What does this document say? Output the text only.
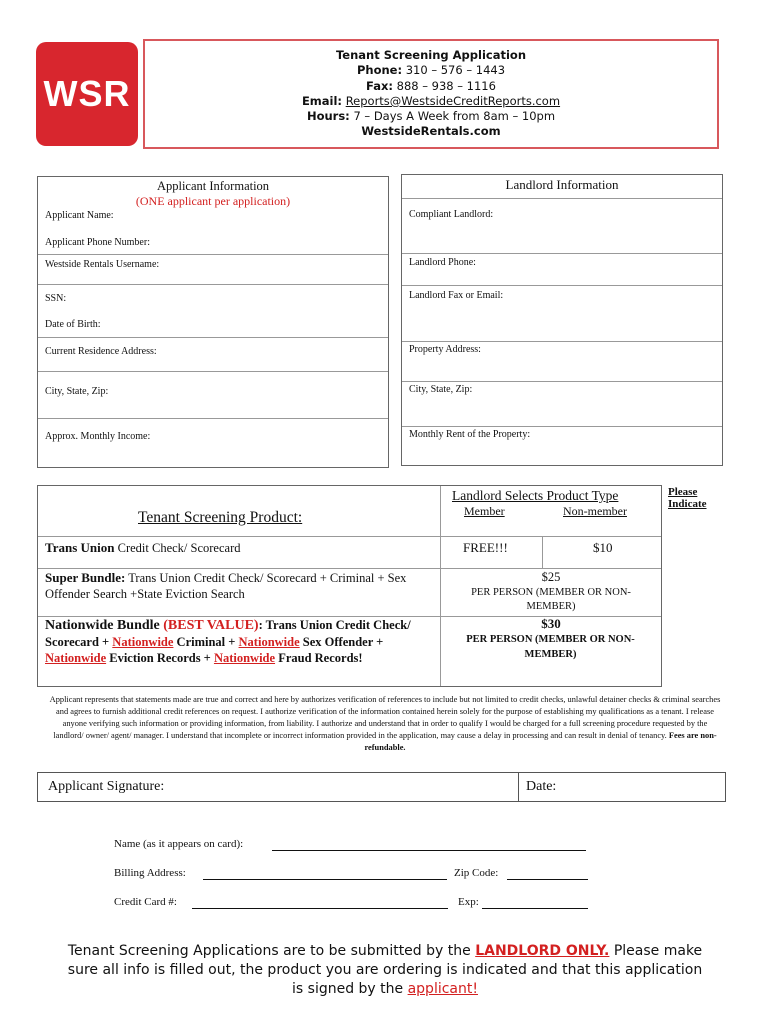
WSR
Tenant Screening Application
Phone: 310 – 576 – 1443
Fax: 888 – 938 – 1116
Email: Reports@WestsideCreditReports.com
Hours: 7 – Days A Week from 8am – 10pm
WestsideRentals.com
Applicant Information
(ONE applicant per application)
Applicant Name:
Applicant Phone Number:
Westside Rentals Username:
SSN:
Date of Birth:
Current Residence Address:
City, State, Zip:
Approx. Monthly Income:
Landlord Information
Compliant Landlord:
Landlord Phone:
Landlord Fax or Email:
Property Address:
City, State, Zip:
Monthly Rent of the Property:
Tenant Screening Product:
Landlord Selects Product Type
Member	Non-member
Trans Union Credit Check/ Scorecard	FREE!!!	$10
Super Bundle: Trans Union Credit Check/ Scorecard + Criminal + Sex Offender Search +State Eviction Search
$25
PER PERSON (MEMBER OR NON-MEMBER)
Nationwide Bundle (BEST VALUE): Trans Union Credit Check/ Scorecard + Nationwide Criminal + Nationwide Sex Offender + Nationwide Eviction Records + Nationwide Fraud Records!
$30
PER PERSON (MEMBER OR NON-MEMBER)
Please
Indicate
Applicant represents that statements made are true and correct and here by authorizes verification of references to include but not limited to credit checks, unlawful detainer checks & criminal searches and agrees to furnish additional credit references on request. I authorize verification of the information contained herein solely for the purpose of establishing my qualifications as a tenant. I release anyone verifying such information or providing information, from liability. I authorize and understand that in order to qualify I would be charged for a full screening procedure requested by the landlord/ owner/ agent/ manager. I understand that incomplete or incorrect information provided in the application, may cause a delay in processing and can result in denial of tenancy. Fees are non-refundable.
Applicant Signature:	Date:
Name (as it appears on card):
Billing Address:	Zip Code:
Credit Card #:	Exp:
Tenant Screening Applications are to be submitted by the LANDLORD ONLY. Please make sure all info is filled out, the product you are ordering is indicated and that this application is signed by the applicant!
